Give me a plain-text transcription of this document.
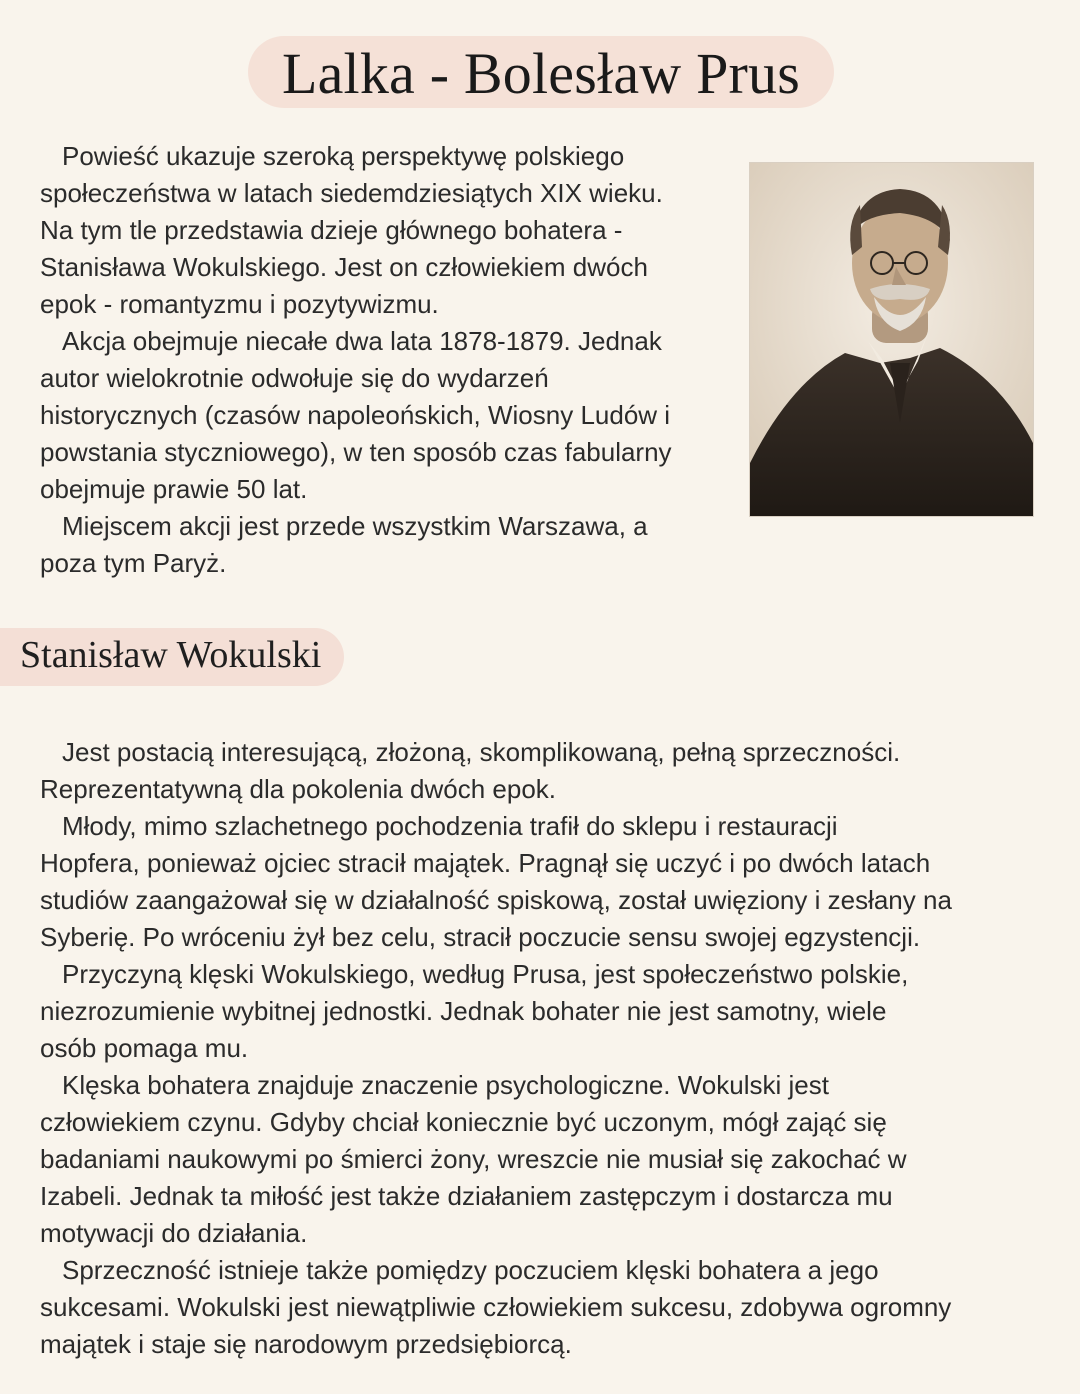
Lalka - Bolesław Prus
Powieść ukazuje szeroką perspektywę polskiego
społeczeństwa w latach siedemdziesiątych XIX wieku.
Na tym tle przedstawia dzieje głównego bohatera -
Stanisława Wokulskiego. Jest on człowiekiem dwóch
epok - romantyzmu i pozytywizmu.
Akcja obejmuje niecałe dwa lata 1878-1879. Jednak
autor wielokrotnie odwołuje się do wydarzeń
historycznych (czasów napoleońskich, Wiosny Ludów i
powstania styczniowego), w ten sposób czas fabularny
obejmuje prawie 50 lat.
Miejscem akcji jest przede wszystkim Warszawa, a
poza tym Paryż.
Stanisław Wokulski
Jest postacią interesującą, złożoną, skomplikowaną, pełną sprzeczności.
Reprezentatywną dla pokolenia dwóch epok.
Młody, mimo szlachetnego pochodzenia trafił do sklepu i restauracji
Hopfera, ponieważ ojciec stracił majątek. Pragnął się uczyć i po dwóch latach
studiów zaangażował się w działalność spiskową, został uwięziony i zesłany na
Syberię. Po wróceniu żył bez celu, stracił poczucie sensu swojej egzystencji.
Przyczyną klęski Wokulskiego, według Prusa, jest społeczeństwo polskie,
niezrozumienie wybitnej jednostki. Jednak bohater nie jest samotny, wiele
osób pomaga mu.
Klęska bohatera znajduje znaczenie psychologiczne. Wokulski jest
człowiekiem czynu. Gdyby chciał koniecznie być uczonym, mógł zająć się
badaniami naukowymi po śmierci żony, wreszcie nie musiał się zakochać w
Izabeli. Jednak ta miłość jest także działaniem zastępczym i dostarcza mu
motywacji do działania.
Sprzeczność istnieje także pomiędzy poczuciem klęski bohatera a jego
sukcesami. Wokulski jest niewątpliwie człowiekiem sukcesu, zdobywa ogromny
majątek i staje się narodowym przedsiębiorcą.
